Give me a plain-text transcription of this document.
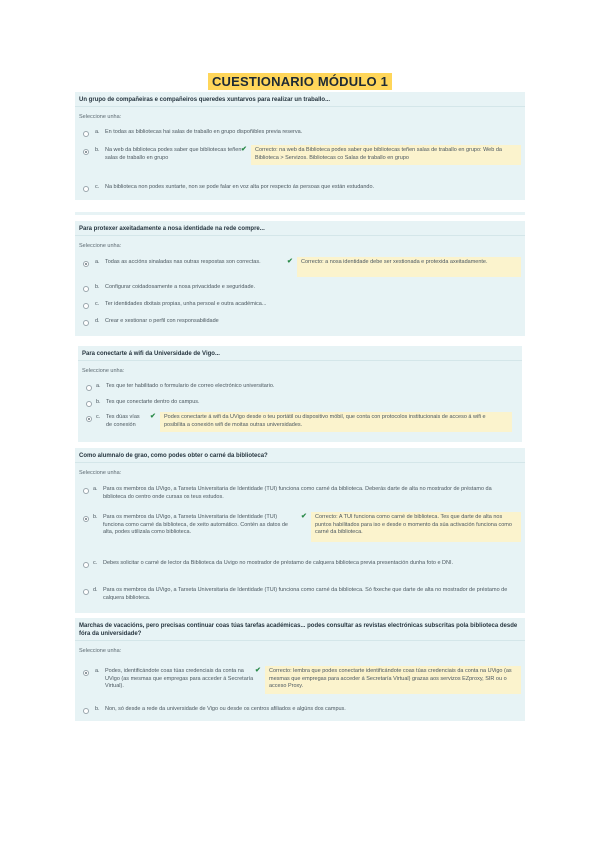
CUESTIONARIO MÓDULO 1
Un grupo de compañeiras e compañeiros queredes xuntarvos para realizar un traballo...
Seleccione unha:
a. En todas as bibliotecas hai salas de traballo en grupo dispoñibles previa reserva.
b. Na web da biblioteca podes saber que bibliotecas teñen salas de traballo en grupo
✔	Correcto: na web da Biblioteca podes saber que bibliotecas teñen salas de traballo en grupo: Web da Biblioteca > Servizos. Bibliotecas co Salas de traballo en grupo
c. Na biblioteca non podes xuntarte, non se pode falar en voz alta por respecto ás persoas que están estudando.
Para protexer axeitadamente a nosa identidade na rede compre...
Seleccione unha:
a. Todas as accións sinaladas nas outras respostas son correctas.	✔	Correcto: a nosa identidade debe ser xestionada e protexida axeitadamente.
b. Configurar coidadosamente a nosa privacidade e seguridade.
c. Ter identidades dixitais propias, unha persoal e outra académica...
d. Crear e xestionar o perfil con responsabilidade
Para conectarte á wifi da Universidade de Vigo...
Seleccione unha:
a. Tes que ter habilitado o formulario de correo electrónico universitario.
b. Tes que conectarte dentro do campus.
c. Tes dúas vías de conexión
✔	Podes conectarte á wifi da UVigo desde o teu portátil ou dispositivo móbil, que conta con protocolos institucionais de acceso á wifi e posibilita a conexión wifi de moitas outras universidades.
Como alumna/o de grao, como podes obter o carné da biblioteca?
Seleccione unha:
a. Para os membros da UVigo, a Tarxeta Universitaria de Identidade (TUI) funciona como carné da biblioteca. Deberás darte de alta no mostrador de préstamo da biblioteca do centro onde cursas os teus estudos.
b. Para os membros da UVigo, a Tarxeta Universitaria de Identidade (TUI) funciona como carné da biblioteca, de xeito automático. Contén as datos de alta, podes utilizala como biblioteca.
✔	Correcto: A TUI funciona como carné de biblioteca. Tes que darte de alta nos puntos habilitados para iso e desde o momento da súa activación funciona como carné da biblioteca.
c. Debes solicitar o carné de lector da Biblioteca da Uvigo no mostrador de préstamo de calquera biblioteca previa presentación dunha foto e DNI.
d. Para os membros da UVigo, a Tarxeta Universitaria de Identidade (TUI) funciona como carné da biblioteca. Só fixeche que darte de alta no mostrador de préstamo de calquera biblioteca.
Marchas de vacacións, pero precisas continuar coas túas tarefas académicas... podes consultar as revistas electrónicas subscritas pola biblioteca desde fóra da universidade?
Seleccione unha:
a. Podes, identificándote coas túas credenciais da conta na UVigo (as mesmas que empregas para acceder á Secretaría Virtual).
✔	Correcto: lembra que podes conectarte identificándote coas túas credenciais da conta na UVigo (as mesmas que empregas para acceder á Secretaría Virtual) grazas aos servizos EZproxy, SIR ou o acceso Proxy.
b. Non, só desde a rede da universidade de Vigo ou desde os centros afiliados e algúns dos campus.
